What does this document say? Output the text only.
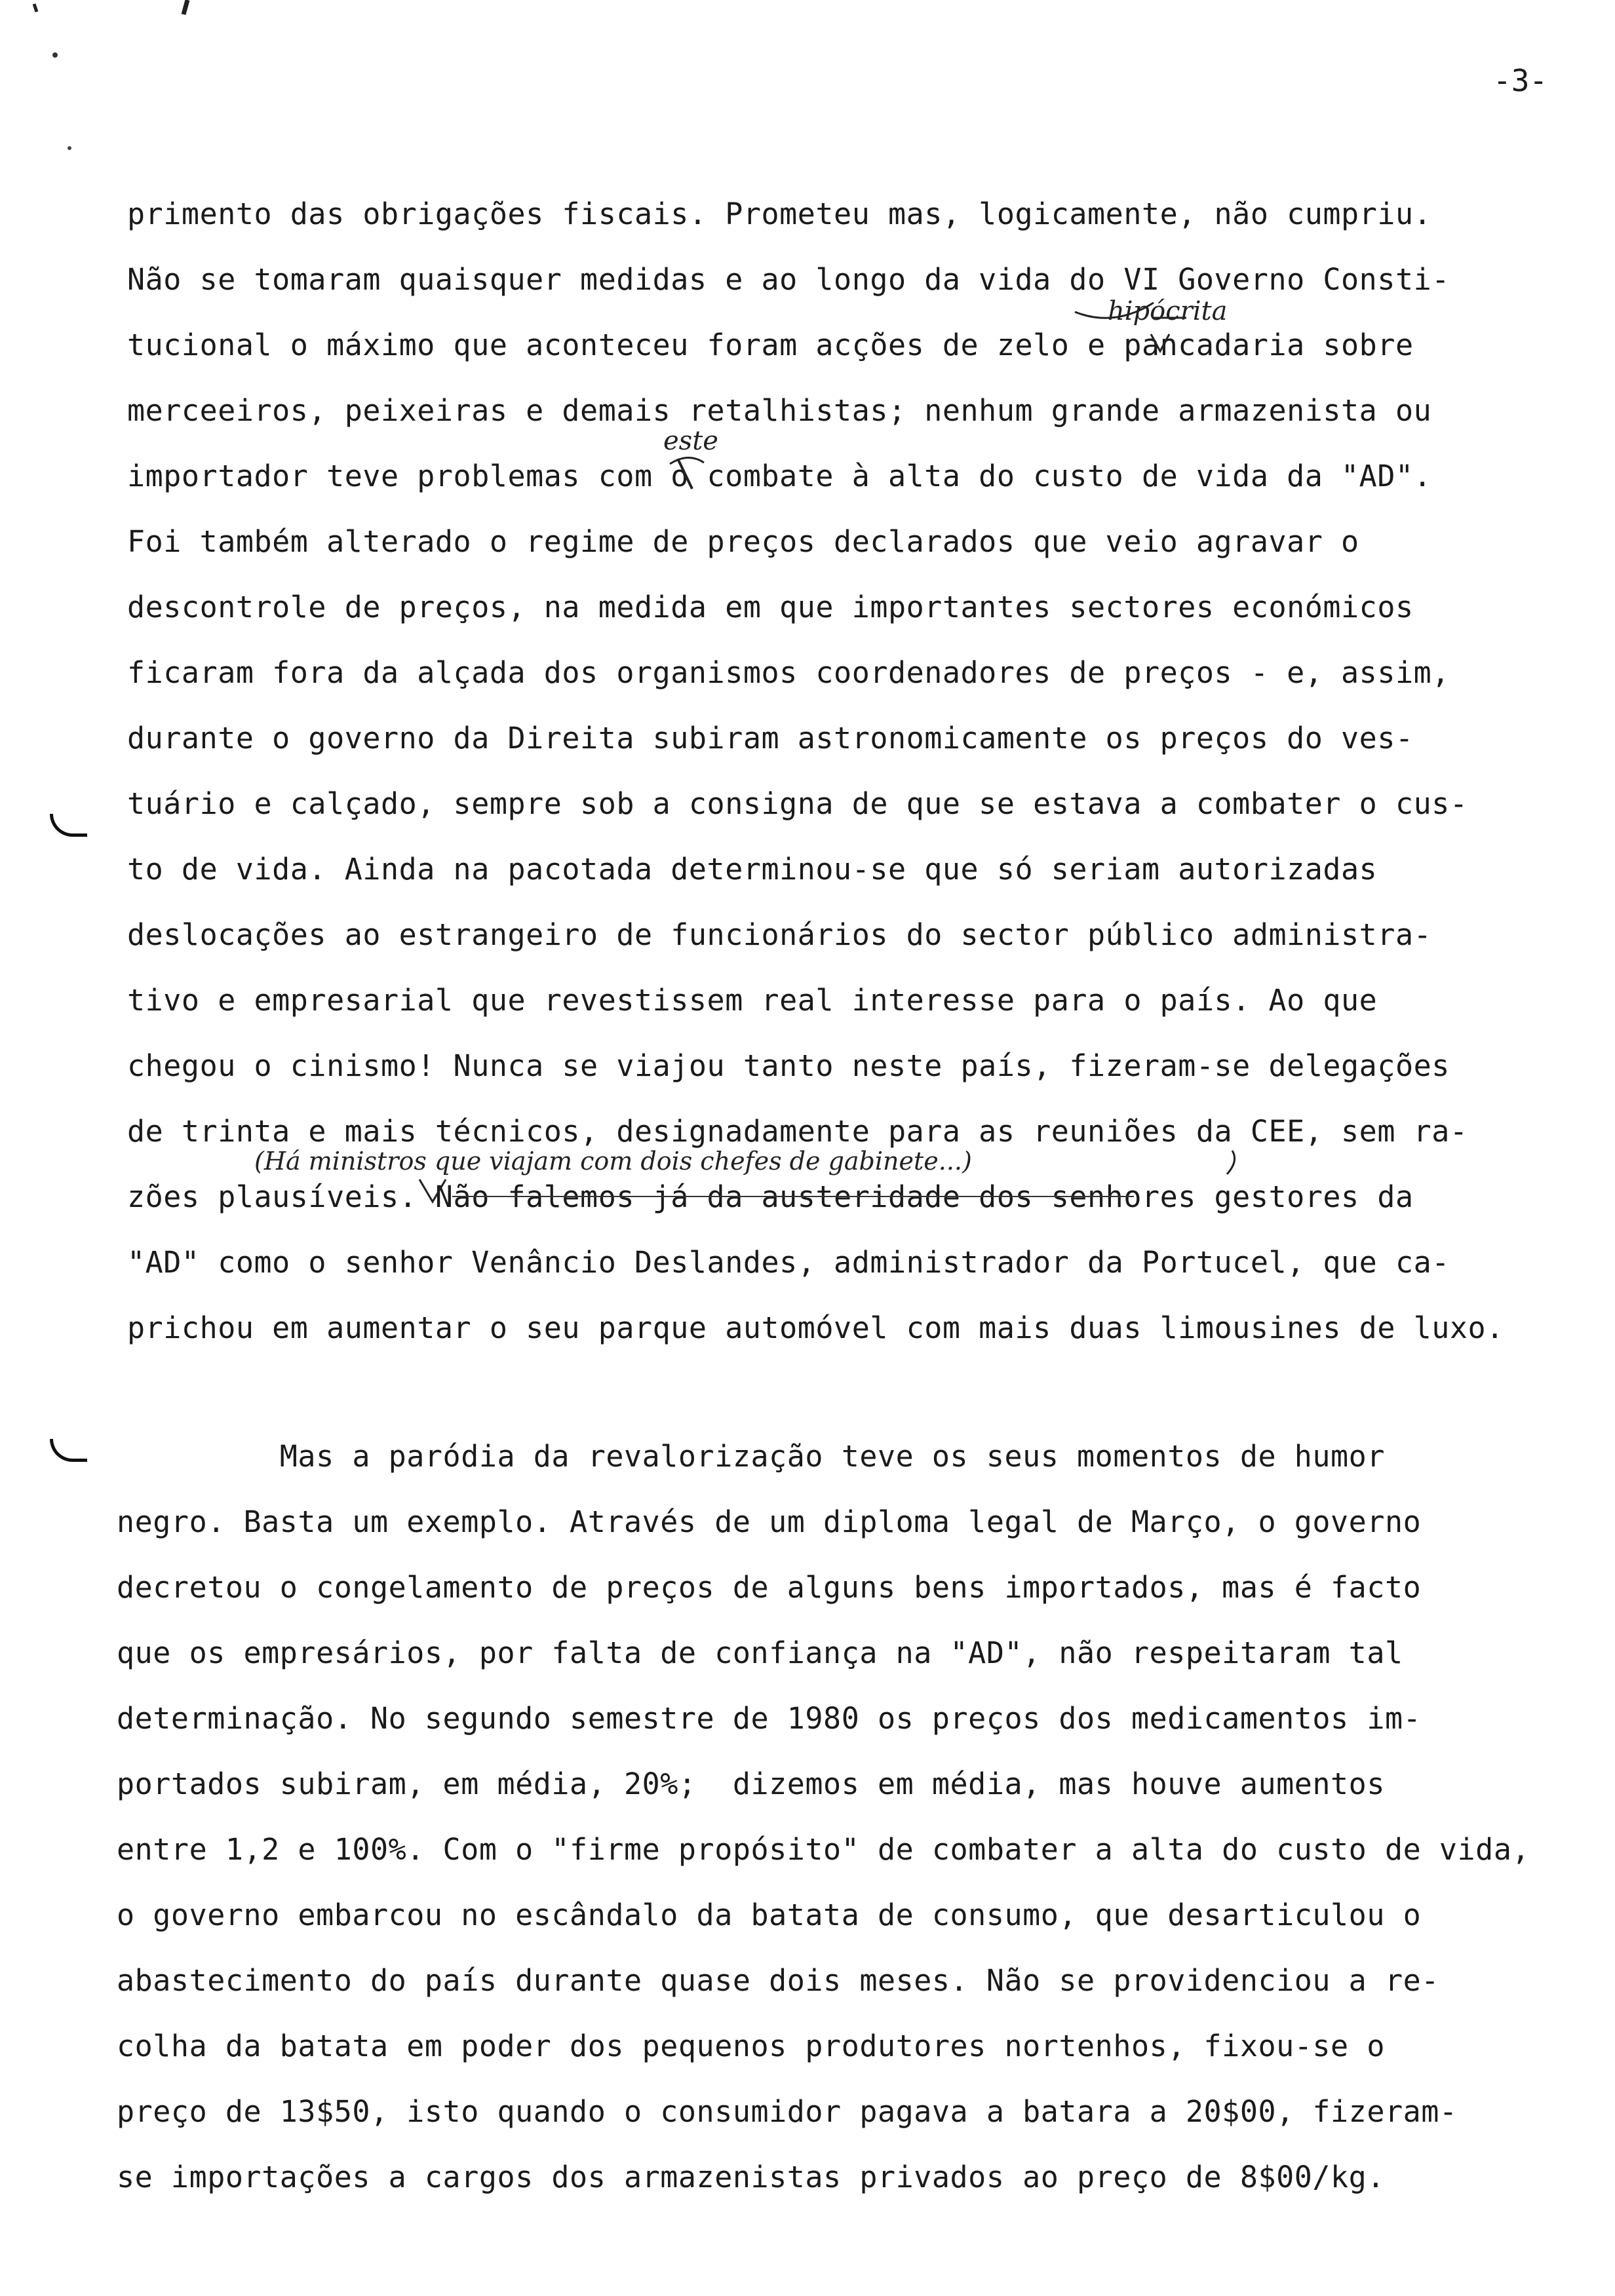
-3-
primento das obrigações fiscais. Prometeu mas, logicamente, não cumpriu.
Não se tomaram quaisquer medidas e ao longo da vida do VI Governo Consti-
tucional o máximo que aconteceu foram acções de zelo e pancadaria sobre
merceeiros, peixeiras e demais retalhistas; nenhum grande armazenista ou
importador teve problemas com o combate à alta do custo de vida da "AD".
Foi também alterado o regime de preços declarados que veio agravar o
descontrole de preços, na medida em que importantes sectores económicos
ficaram fora da alçada dos organismos coordenadores de preços - e, assim,
durante o governo da Direita subiram astronomicamente os preços do ves-
tuário e calçado, sempre sob a consigna de que se estava a combater o cus-
to de vida. Ainda na pacotada determinou-se que só seriam autorizadas
deslocações ao estrangeiro de funcionários do sector público administra-
tivo e empresarial que revestissem real interesse para o país. Ao que
chegou o cinismo! Nunca se viajou tanto neste país, fizeram-se delegações
de trinta e mais técnicos, designadamente para as reuniões da CEE, sem ra-
zões plausíveis. Não falemos já da austeridade dos senhores gestores da
"AD" como o senhor Venâncio Deslandes, administrador da Portucel, que ca-
prichou em aumentar o seu parque automóvel com mais duas limousines de luxo.
Mas a paródia da revalorização teve os seus momentos de humor
negro. Basta um exemplo. Através de um diploma legal de Março, o governo
decretou o congelamento de preços de alguns bens importados, mas é facto
que os empresários, por falta de confiança na "AD", não respeitaram tal
determinação. No segundo semestre de 1980 os preços dos medicamentos im-
portados subiram, em média, 20%;  dizemos em média, mas houve aumentos
entre 1,2 e 100%. Com o "firme propósito" de combater a alta do custo de vida,
o governo embarcou no escândalo da batata de consumo, que desarticulou o
abastecimento do país durante quase dois meses. Não se providenciou a re-
colha da batata em poder dos pequenos produtores nortenhos, fixou-se o
preço de 13$50, isto quando o consumidor pagava a batara a 20$00, fizeram-
se importações a cargos dos armazenistas privados ao preço de 8$00/kg.
hipócrita
este
(Há ministros que viajam com dois chefes de gabinete...)
